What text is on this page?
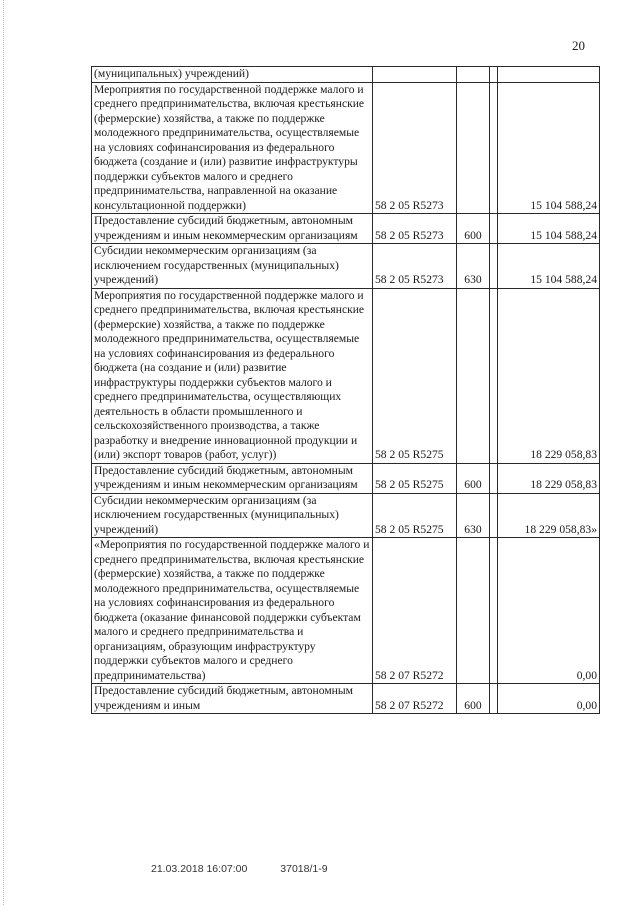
20
(муниципальных) учреждений)				
Мероприятия по государственной поддержке малого и среднего предпринимательства, включая крестьянские (фермерские) хозяйства, а также по поддержке молодежного предпринимательства, осуществляемые на условиях софинансирования из федерального бюджета (создание и (или) развитие инфраструктуры поддержки субъектов малого и среднего предпринимательства, направленной на оказание консультационной поддержки)	58 2 05 R5273			15 104 588,24
Предоставление субсидий бюджетным, автономным учреждениям и иным некоммерческим организациям	58 2 05 R5273	600		15 104 588,24
Субсидии некоммерческим организациям (за исключением государственных (муниципальных) учреждений)	58 2 05 R5273	630		15 104 588,24
Мероприятия по государственной поддержке малого и среднего предпринимательства, включая крестьянские (фермерские) хозяйства, а также по поддержке молодежного предпринимательства, осуществляемые на условиях софинансирования из федерального бюджета (на создание и (или) развитие инфраструктуры поддержки субъектов малого и среднего предпринимательства, осуществляющих деятельность в области промышленного и сельскохозяйственного производства, а также разработку и внедрение инновационной продукции и (или) экспорт товаров (работ, услуг))	58 2 05 R5275			18 229 058,83
Предоставление субсидий бюджетным, автономным учреждениям и иным некоммерческим организациям	58 2 05 R5275	600		18 229 058,83
Субсидии некоммерческим организациям (за исключением государственных (муниципальных) учреждений)	58 2 05 R5275	630		18 229 058,83»
«Мероприятия по государственной поддержке малого и среднего предпринимательства, включая крестьянские (фермерские) хозяйства, а также по поддержке молодежного предпринимательства, осуществляемые на условиях софинансирования из федерального бюджета (оказание финансовой поддержки субъектам малого и среднего предпринимательства и организациям, образующим инфраструктуру поддержки субъектов малого и среднего предпринимательства)	58 2 07 R5272			0,00
Предоставление субсидий бюджетным, автономным учреждениям и иным	58 2 07 R5272	600		0,00
21.03.2018 16:07:00	37018/1-9
